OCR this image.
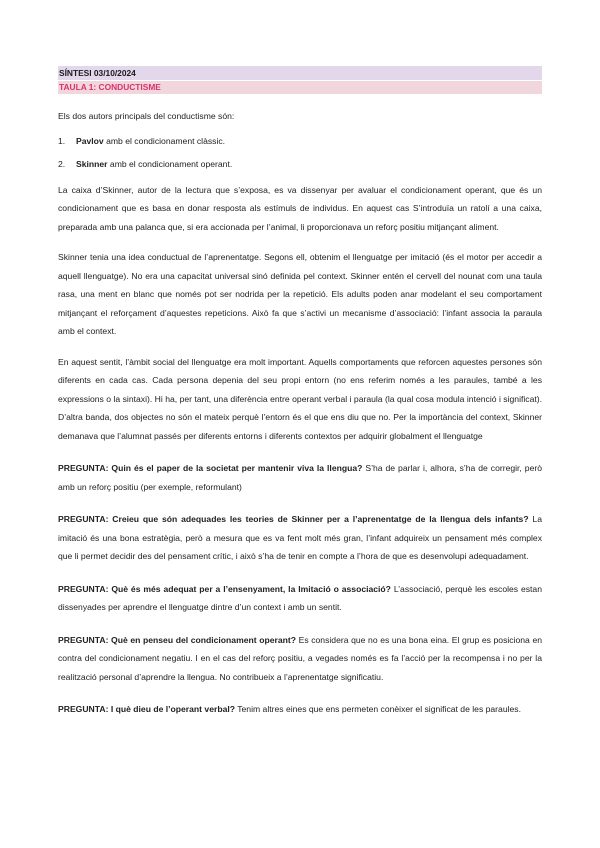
SÍNTESI 03/10/2024
TAULA 1: CONDUCTISME

Els dos autors principals del conductisme són:

1. Pavlov amb el condicionament clàssic.
2. Skinner amb el condicionament operant.

La caixa d’Skinner, autor de la lectura que s’exposa, es va dissenyar per avaluar el condicionament operant, que és un condicionament que es basa en donar resposta als estímuls de individus. En aquest cas S’introduïa un ratolí a una caixa, preparada amb una palanca que, si era accionada per l’animal, li proporcionava un reforç positiu mitjançant aliment.

Skinner tenia una idea conductual de l’aprenentatge. Segons ell, obtenim el llenguatge per imitació (és el motor per accedir a aquell llenguatge). No era una capacitat universal sinó definida pel context. Skinner entén el cervell del nounat com una taula rasa, una ment en blanc que només pot ser nodrida per la repetició. Els adults poden anar modelant el seu comportament mitjançant el reforçament d’aquestes repeticions. Això fa que s’activi un mecanisme d’associació: l’infant associa la paraula amb el context.

En aquest sentit, l’àmbit social del llenguatge era molt important. Aquells comportaments que reforcen aquestes persones són diferents en cada cas. Cada persona depenia del seu propi entorn (no ens referim només a les paraules, també a les expressions o la sintaxi). Hi ha, per tant, una diferència entre operant verbal i paraula (la qual cosa modula intenció i significat). D’altra banda, dos objectes no són el mateix perquè l’entorn és el que ens diu que no. Per la importància del context, Skinner demanava que l’alumnat passés per diferents entorns i diferents contextos per adquirir globalment el llenguatge

PREGUNTA: Quin és el paper de la societat per mantenir viva la llengua? S’ha de parlar i, alhora, s’ha de corregir, però amb un reforç positiu (per exemple, reformulant)

PREGUNTA: Creieu que són adequades les teories de Skinner per a l’aprenentatge de la llengua dels infants? La imitació és una bona estratègia, però a mesura que es va fent molt més gran, l’infant adquireix un pensament més complex que li permet decidir des del pensament crític, i això s’ha de tenir en compte a l’hora de que es desenvolupi adequadament.

PREGUNTA: Què és més adequat per a l’ensenyament, la Imitació o associació? L’associació, perquè les escoles estan dissenyades per aprendre el llenguatge dintre d’un context i amb un sentit.

PREGUNTA: Què en penseu del condicionament operant? Es considera que no es una bona eina. El grup es posiciona en contra del condicionament negatiu. I en el cas del reforç positiu, a vegades només es fa l’acció per la recompensa i no per la realització personal d’aprendre la llengua. No contribueix a l’aprenentatge significatiu.

PREGUNTA: I què dieu de l’operant verbal? Tenim altres eines que ens permeten conèixer el significat de les paraules.
